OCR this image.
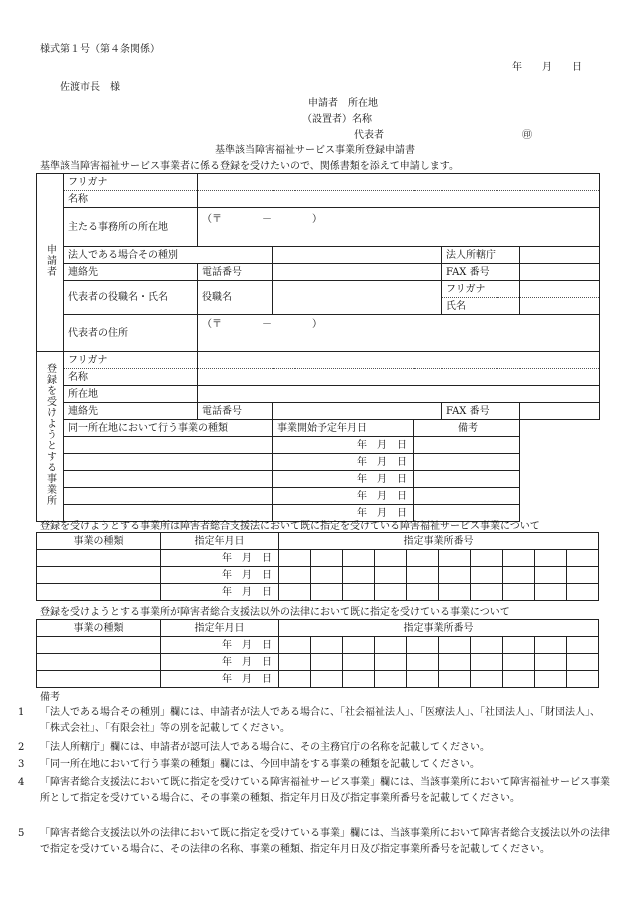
様式第１号（第４条関係）
年　　月　　日
佐渡市長　様
申請者　所在地
（設置者）名称
代表者	㊞
基準該当障害福祉サービス事業所登録申請書
基準該当障害福祉サービス事業者に係る登録を受けたいので、関係書類を添えて申請します。
申請者	フリガナ					
	名称					
	主たる事務所の所在地	（〒　　　　－　　　　）				
	法人である場合その種別				法人所轄庁	
	連絡先	電話番号			FAX 番号	
	代表者の役職名・氏名	役職名			フリガナ	
					氏名	
	代表者の住所	（〒　　　　－　　　　）				

登録を受けようとする事業所	フリガナ					
	名称					
	所在地					
	連絡先	電話番号			FAX 番号	
	同一所在地において行う事業の種類		事業開始予定年月日	備考		
			年　月　日			
			年　月　日			
			年　月　日			
			年　月　日			
			年　月　日			
登録を受けようとする事業所は障害者総合支援法において既に指定を受けている障害福祉サービス事業について
事業の種類	指定年月日	指定事業所番号									
	年　月　日										
	年　月　日										
	年　月　日										
登録を受けようとする事業所が障害者総合支援法以外の法律において既に指定を受けている事業について
事業の種類	指定年月日	指定事業所番号									
	年　月　日										
	年　月　日										
	年　月　日										
備考
1 「法人である場合その種別」欄には、申請者が法人である場合に、「社会福祉法人」、「医療法人」、「社団法人」、「財団法人」、「株式会社」、「有限会社」等の別を記載してください。
2 「法人所轄庁」欄には、申請者が認可法人である場合に、その主務官庁の名称を記載してください。
3 「同一所在地において行う事業の種類」欄には、今回申請をする事業の種類を記載してください。
4 「障害者総合支援法において既に指定を受けている障害福祉サービス事業」欄には、当該事業所において障害福祉サービス事業所として指定を受けている場合に、その事業の種類、指定年月日及び指定事業所番号を記載してください。
5 「障害者総合支援法以外の法律において既に指定を受けている事業」欄には、当該事業所において障害者総合支援法以外の法律で指定を受けている場合に、その法律の名称、事業の種類、指定年月日及び指定事業所番号を記載してください。
